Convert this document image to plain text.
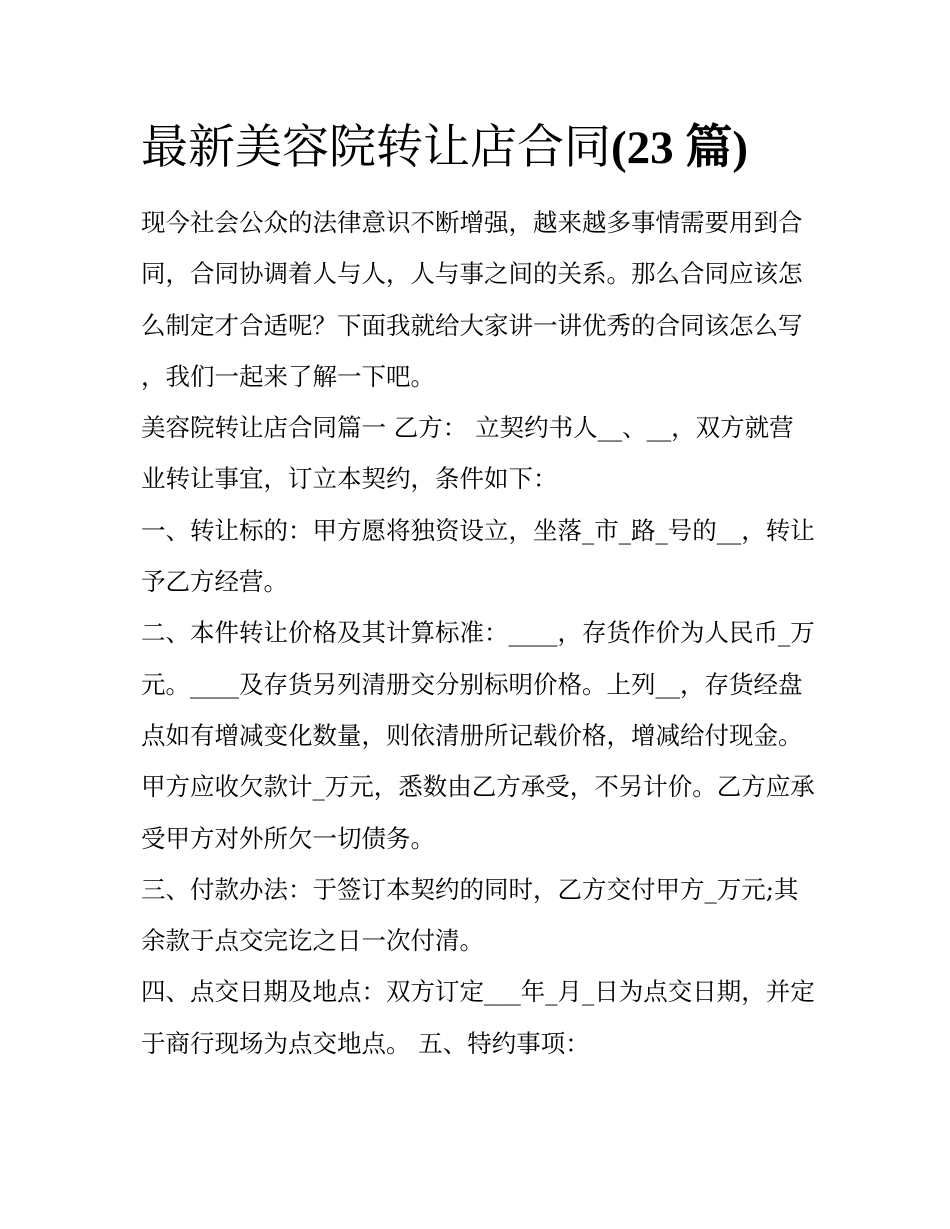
最新美容院转让店合同(23 篇)

现今社会公众的法律意识不断增强，越来越多事情需要用到合同，合同协调着人与人，人与事之间的关系。那么合同应该怎么制定才合适呢？下面我就给大家讲一讲优秀的合同该怎么写，我们一起来了解一下吧。

美容院转让店合同篇一 乙方： 立契约书人__、__，双方就营业转让事宜，订立本契约，条件如下：

一、转让标的：甲方愿将独资设立，坐落_市_路_号的__，转让予乙方经营。

二、本件转让价格及其计算标准：____，存货作价为人民币_万元。____及存货另列清册交分别标明价格。上列__，存货经盘点如有增减变化数量，则依清册所记载价格，增减给付现金。

甲方应收欠款计_万元，悉数由乙方承受，不另计价。乙方应承受甲方对外所欠一切债务。

三、付款办法：于签订本契约的同时，乙方交付甲方_万元;其余款于点交完讫之日一次付清。

四、点交日期及地点：双方订定___年_月_日为点交日期，并定于商行现场为点交地点。 五、特约事项：
